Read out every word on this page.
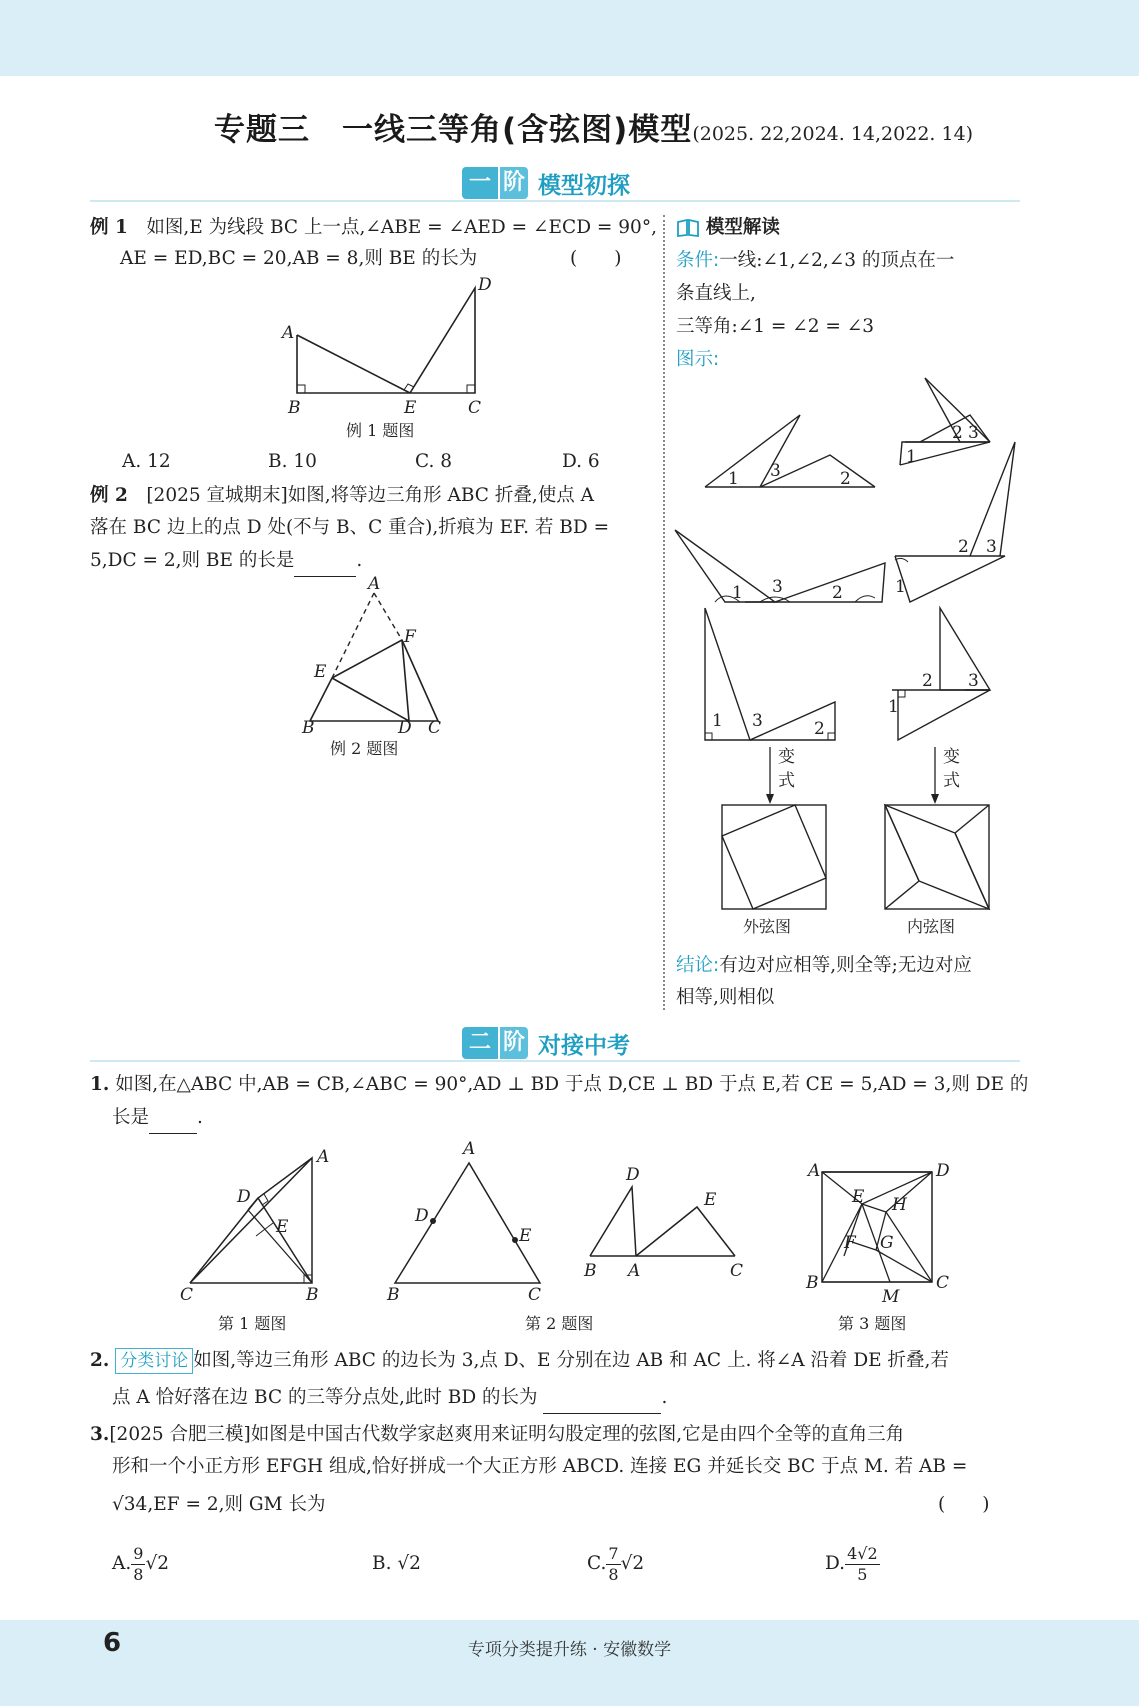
专题三　一线三等角(含弦图)模型(2025. 22,2024. 14,2022. 14)
一 阶 模型初探
例 1　 如图,E 为线段 BC 上一点,∠ABE = ∠AED = ∠ECD = 90°,
AE = ED,BC = 20,AB = 8,则 BE 的长为	(　　)
A
B	E	C
D
例 1 题图
A. 12	B. 10	C. 8	D. 6
例 2　 [2025 宣城期末]如图,将等边三角形 ABC 折叠,使点 A
落在 BC 边上的点 D 处(不与 B、C 重合),折痕为 EF. 若 BD =
5,DC = 2,则 BE 的长是	.
A
F
E
B	D C
例 2 题图
模型解读
条件:一线:∠1,∠2,∠3 的顶点在一
条直线上,
三等角:∠1 = ∠2 = ∠3
图示:
1 3	2
1
2 3
1 3	2	1
2 3
1 3	2
1
2 3
变
式
变
式
外弦图	内弦图
结论:有边对应相等,则全等;无边对应
相等,则相似
二 阶 对接中考
1. 如图,在△ABC 中,AB = CB,∠ABC = 90°,AD ⊥ BD 于点 D,CE ⊥ BD 于点 E,若 CE = 5,AD = 3,则 DE 的
长是	.
A
D
E
C	B
第 1 题图
A
D
E
B	C
D
E
B A	C
第 2 题图
A	D
E H
F G
B	C
M
第 3 题图
2. 分类讨论 如图,等边三角形 ABC 的边长为 3,点 D、E 分别在边 AB 和 AC 上. 将∠A 沿着 DE 折叠,若
点 A 恰好落在边 BC 的三等分点处,此时 BD 的长为	.
3.[2025 合肥三模]如图是中国古代数学家赵爽用来证明勾股定理的弦图,它是由四个全等的直角三角
形和一个小正方形 EFGH 组成,恰好拼成一个大正方形 ABCD. 连接 EG 并延长交 BC 于点 M. 若 AB =
√34,EF = 2,则 GM 长为	(　　)
A. $\frac{9}{8} √2$	B. √2	C. $\frac{7}{8} √2$	D. $\frac{4√2}{5}$
6	专项分类提升练 · 安徽数学
